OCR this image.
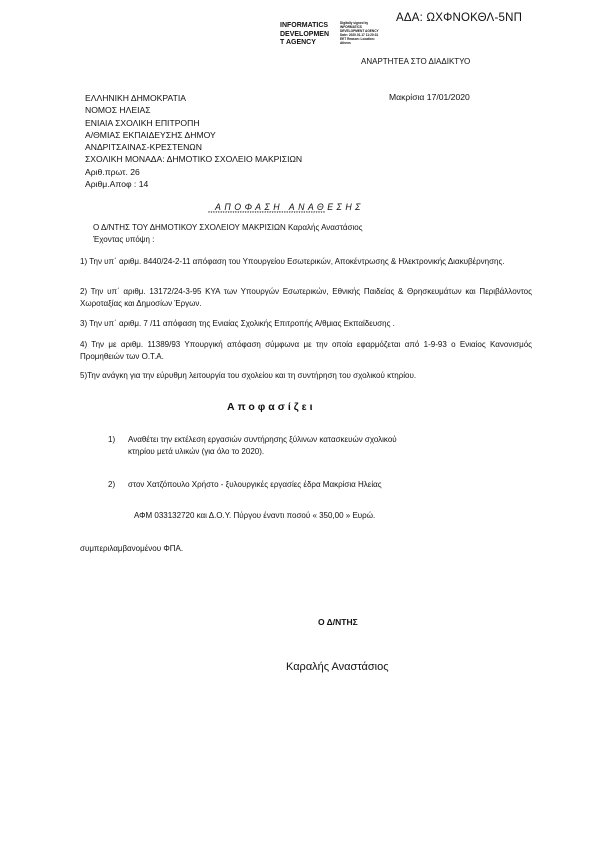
ΑΔΑ: ΩΧΦΝΟΚΘΛ-5ΝΠ
INFORMATICS
DEVELOPMEN
T AGENCY
Digitally signed by INFORMATICS DEVELOPMENT AGENCY Date: 2020.01.17 11:20:31 EET Reason: Location: Athens
ΑΝΑΡΤΗΤΕΑ ΣΤΟ ΔΙΑΔΙΚΤΥΟ
ΕΛΛΗΝΙΚΗ ΔΗΜΟΚΡΑΤΙΑ
ΝΟΜΟΣ ΗΛΕΙΑΣ
ΕΝΙΑΙΑ ΣΧΟΛΙΚΗ ΕΠΙΤΡΟΠΗ
Α/ΘΜΙΑΣ ΕΚΠΑΙΔΕΥΣΗΣ ΔΗΜΟΥ
ΑΝΔΡΙΤΣΑΙΝΑΣ-ΚΡΕΣΤΕΝΩΝ
ΣΧΟΛΙΚΗ ΜΟΝΑΔΑ: ΔΗΜΟΤΙΚΟ ΣΧΟΛΕΙΟ ΜΑΚΡΙΣΙΩΝ
Αριθ.πρωτ. 26
Αριθμ.Αποφ : 14
Μακρίσια 17/01/2020
ΑΠΟΦΑΣΗ ΑΝΑΘΕΣΗΣ
************************************************
Ο Δ/ΝΤΗΣ ΤΟΥ ΔΗΜΟΤΙΚΟΥ ΣΧΟΛΕΙΟΥ ΜΑΚΡΙΣΙΩΝ Καραλής Αναστάσιος
Έχοντας υπόψη :
1) Την υπ΄ αριθμ. 8440/24-2-11 απόφαση του Υπουργείου Εσωτερικών, Αποκέντρωσης & Ηλεκτρονικής Διακυβέρνησης.
2) Την υπ΄ αριθμ. 13172/24-3-95 ΚΥΑ των Υπουργών Εσωτερικών, Εθνικής Παιδείας & Θρησκευμάτων και Περιβάλλοντος Χωροταξίας και Δημοσίων Έργων.
3) Την υπ΄ αριθμ. 7 /11 απόφαση της Ενιαίας Σχολικής Επιτροπής Α/θμιας Εκπαίδευσης .
4) Την με αριθμ. 11389/93 Υπουργική απόφαση σύμφωνα με την οποία εφαρμόζεται από 1-9-93 ο Ενιαίος Κανονισμός Προμηθειών των Ο.Τ.Α.
5)Την ανάγκη για την εύρυθμη λειτουργία του σχολείου και τη συντήρηση του σχολικού κτηρίου.
Αποφασίζει
1) Αναθέτει την εκτέλεση εργασιών συντήρησης ξύλινων κατασκευών σχολικού
κτηρίου μετά υλικών (για όλο το 2020).
2) στον Χατζόπουλο Χρήστο - ξυλουργικές εργασίες έδρα Μακρίσια Ηλείας
ΑΦΜ 033132720 και Δ.Ο.Υ. Πύργου έναντι ποσού « 350,00 » Ευρώ.
συμπεριλαμβανομένου ΦΠΑ.
Ο Δ/ΝΤΗΣ
Καραλής Αναστάσιος
